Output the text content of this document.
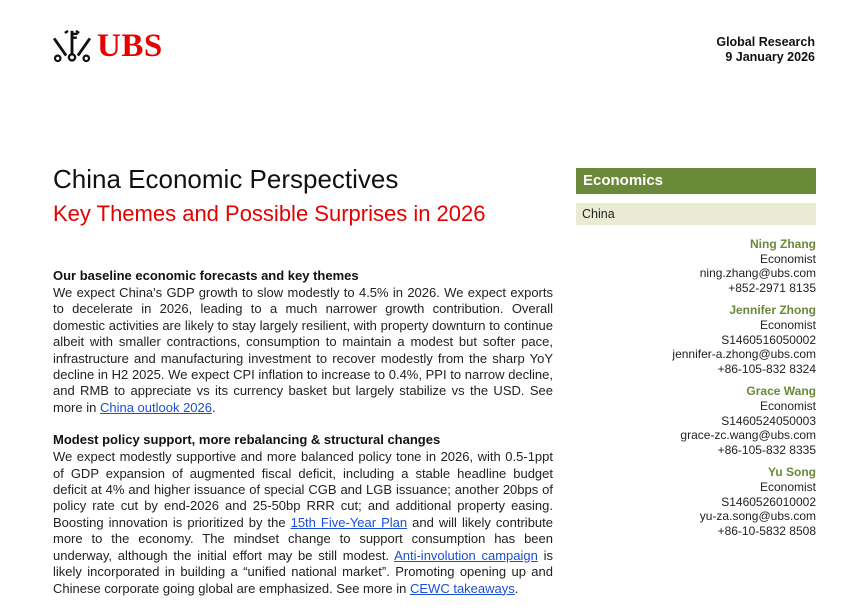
UBS	Global Research
9 January 2026
China Economic Perspectives
Key Themes and Possible Surprises in 2026
Our baseline economic forecasts and key themes

We expect China's GDP growth to slow modestly to 4.5% in 2026. We expect exports to decelerate in 2026, leading to a much narrower growth contribution. Overall domestic activities are likely to stay largely resilient, with property downturn to continue albeit with smaller contractions, consumption to maintain a modest but softer pace, infrastructure and manufacturing investment to recover modestly from the sharp YoY decline in H2 2025. We expect CPI inflation to increase to 0.4%, PPI to narrow decline, and RMB to appreciate vs its currency basket but largely stabilize vs the USD. See more in China outlook 2026.

Modest policy support, more rebalancing & structural changes

We expect modestly supportive and more balanced policy tone in 2026, with 0.5-1ppt of GDP expansion of augmented fiscal deficit, including a stable headline budget deficit at 4% and higher issuance of special CGB and LGB issuance; another 20bps of policy rate cut by end-2026 and 25-50bp RRR cut; and additional property easing. Boosting innovation is prioritized by the 15th Five-Year Plan and will likely contribute more to the economy. The mindset change to support consumption has been underway, although the initial effort may be still modest. Anti-involution campaign is likely incorporated in building a “unified national market”. Promoting opening up and Chinese corporate going global are emphasized. See more in CEWC takeaways.

Economics
China
Ning Zhang
Economist
ning.zhang@ubs.com
+852-2971 8135
Jennifer Zhong
Economist
S1460516050002
jennifer-a.zhong@ubs.com
+86-105-832 8324
Grace Wang
Economist
S1460524050003
grace-zc.wang@ubs.com
+86-105-832 8335
Yu Song
Economist
S1460526010002
yu-za.song@ubs.com
+86-10-5832 8508
